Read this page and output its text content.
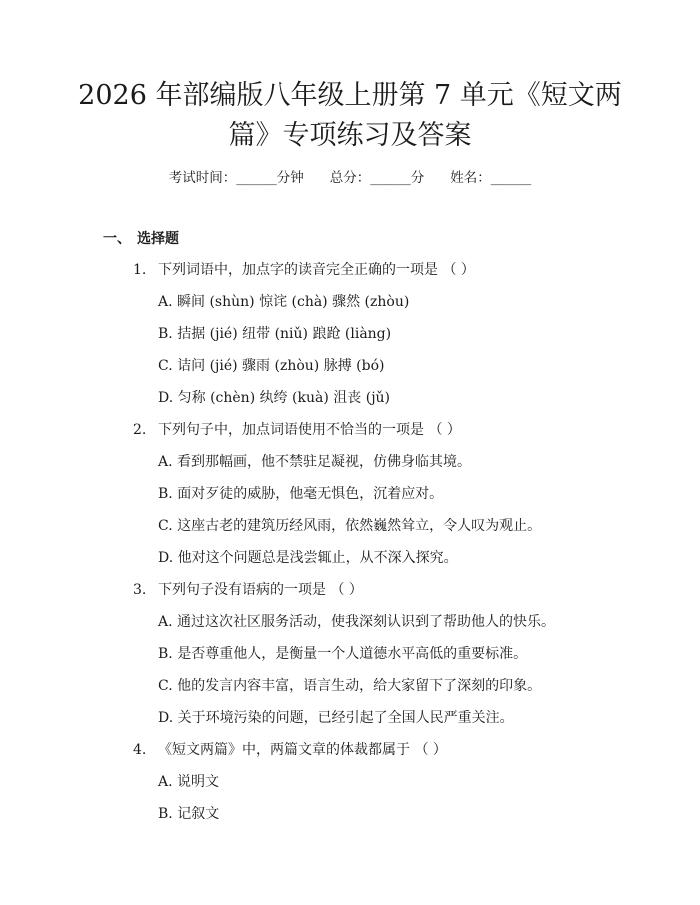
2026 年部编版八年级上册第 7 单元《短文两
篇》专项练习及答案
考试时间：______分钟 总分：______分 姓名：______
一、 选择题
1. 下列词语中，加点字的读音完全正确的一项是 （ ）
A. 瞬间 (shùn) 惊诧 (chà) 骤然 (zhòu)
B. 拮据 (jié) 纽带 (niǔ) 踉跄 (liàng)
C. 诘问 (jié) 骤雨 (zhòu) 脉搏 (bó)
D. 匀称 (chèn) 纨绔 (kuà) 沮丧 (jǔ)
2. 下列句子中，加点词语使用不恰当的一项是 （ ）
A. 看到那幅画，他不禁驻足凝视，仿佛身临其境。
B. 面对歹徒的威胁，他毫无惧色，沉着应对。
C. 这座古老的建筑历经风雨，依然巍然耸立，令人叹为观止。
D. 他对这个问题总是浅尝辄止，从不深入探究。
3. 下列句子没有语病的一项是 （ ）
A. 通过这次社区服务活动，使我深刻认识到了帮助他人的快乐。
B. 是否尊重他人，是衡量一个人道德水平高低的重要标准。
C. 他的发言内容丰富，语言生动，给大家留下了深刻的印象。
D. 关于环境污染的问题，已经引起了全国人民严重关注。
4. 《短文两篇》中，两篇文章的体裁都属于 （ ）
A. 说明文
B. 记叙文
